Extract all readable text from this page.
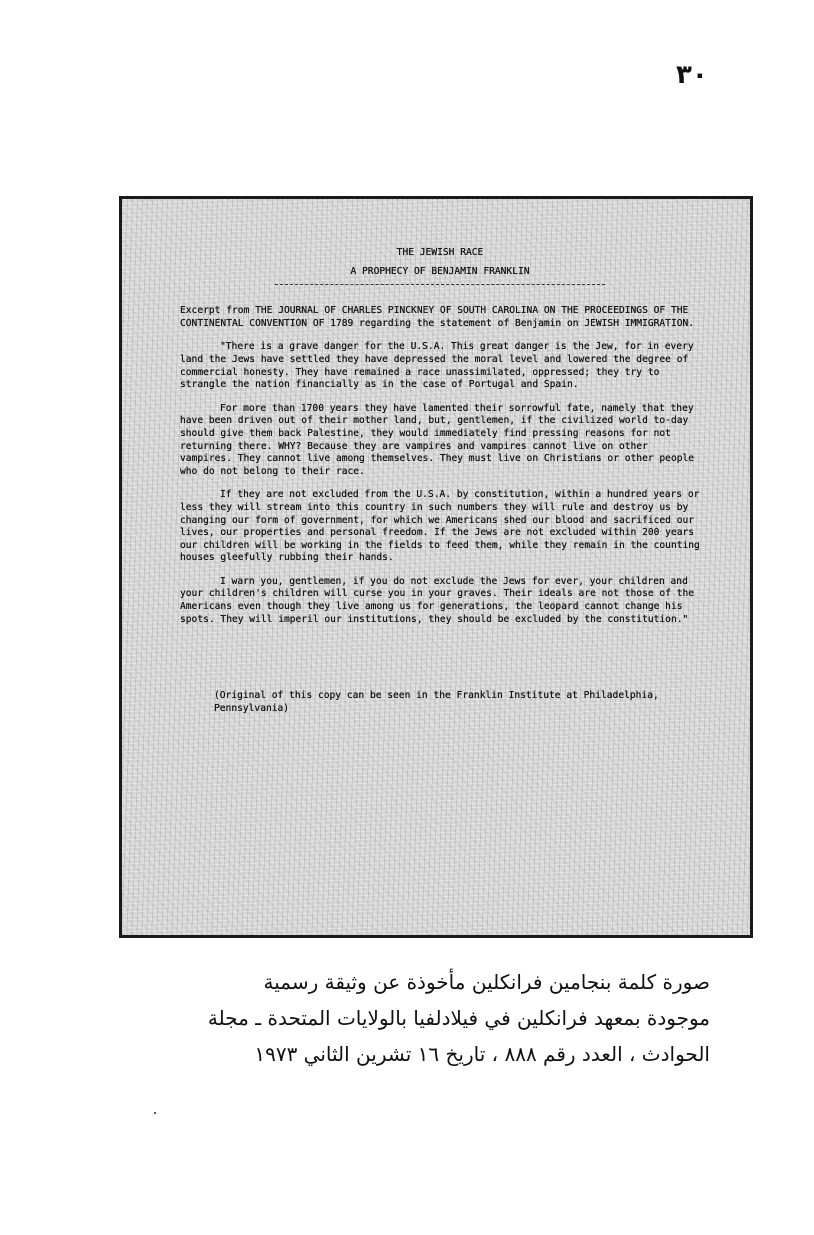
٣٠

THE JEWISH RACE

A PROPHECY OF BENJAMIN FRANKLIN

Excerpt from THE JOURNAL OF CHARLES PINCKNEY OF SOUTH CAROLINA ON THE PROCEEDINGS OF THE CONTINENTAL CONVENTION OF 1789 regarding the statement of Benjamin on JEWISH IMMIGRATION.

"There is a grave danger for the U.S.A. This great danger is the Jew, for in every land the Jews have settled they have depressed the moral level and lowered the degree of commercial honesty. They have remained a race unassimilated, oppressed; they try to strangle the nation financially as in the case of Portugal and Spain.

For more than 1700 years they have lamented their sorrowful fate, namely that they have been driven out of their mother land, but, gentlemen, if the civilized world to-day should give them back Palestine, they would immediately find pressing reasons for not returning there. WHY? Because they are vampires and vampires cannot live on other vampires. They cannot live among themselves. They must live on Christians or other people who do not belong to their race.

If they are not excluded from the U.S.A. by constitution, within a hundred years or less they will stream into this country in such numbers they will rule and destroy us by changing our form of government, for which we Americans shed our blood and sacrificed our lives, our properties and personal freedom. If the Jews are not excluded within 200 years our children will be working in the fields to feed them, while they remain in the counting houses gleefully rubbing their hands.

I warn you, gentlemen, if you do not exclude the Jews for ever, your children and your children's children will curse you in your graves. Their ideals are not those of the Americans even though they live among us for generations, the leopard cannot change his spots. They will imperil our institutions, they should be excluded by the constitution."

(Original of this copy can be seen in the Franklin Institute at Philadelphia, Pennsylvania)

صورة كلمة بنجامين فرانكلين مأخوذة عن وثيقة رسمية
موجودة بمعهد فرانكلين في فيلادلفيا بالولايات المتحدة ـ مجلة
الحوادث ، العدد رقم ٨٨٨ ، تاريخ ١٦ تشرين الثاني ١٩٧٣
